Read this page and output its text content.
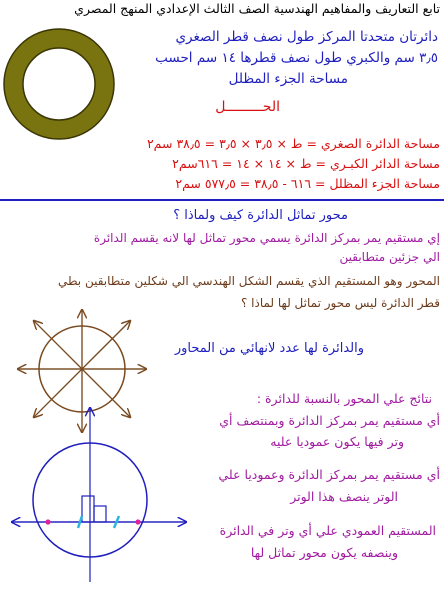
تابع التعاريف والمفاهيم الهندسية الصف الثالث الإعدادي المنهج المصري
دائرتان متحدتا المركز طول نصف قطر الصغري
٣٫٥ سم والكبري طول نصف قطرها ١٤ سم احسب
مساحة الجزء المظلل
الحـــــــــل
مساحة الدائرة الصغري = ط × ٣٫٥ × ٣٫٥ = ٣٨٫٥ سم٢
مساحة الدائر الكبـري = ط × ١٤ × ١٤ = ٦١٦سم٢
مساحة الجزء المظلل = ٦١٦ - ٣٨٫٥ = ٥٧٧٫٥ سم٢
محور تماثل الدائرة كيف ولماذا ؟
إي مستقيم يمر بمركز الدائرة يسمي محور تماثل لها لانه يقسم الدائرة
الي جزئين متطابقين
المحور وهو المستقيم الذي يقسم الشكل الهندسي الي شكلين متطابقين بطي
قطر الدائرة ليس محور تماثل لها لماذا ؟
والدائرة لها عدد لانهائي من المحاور
نتائج علي المحور بالنسبة للدائرة :
أي مستقيم يمر بمركز الدائرة وبمنتصف أي
وتر فيها يكون عموديا عليه
أي مستقيم يمر بمركز الدائرة وعموديا علي
الوتر ينصف هذا الوتر
المستقيم العمودي علي أي وتر في الدائرة
وينصفه يكون محور تماثل لها
